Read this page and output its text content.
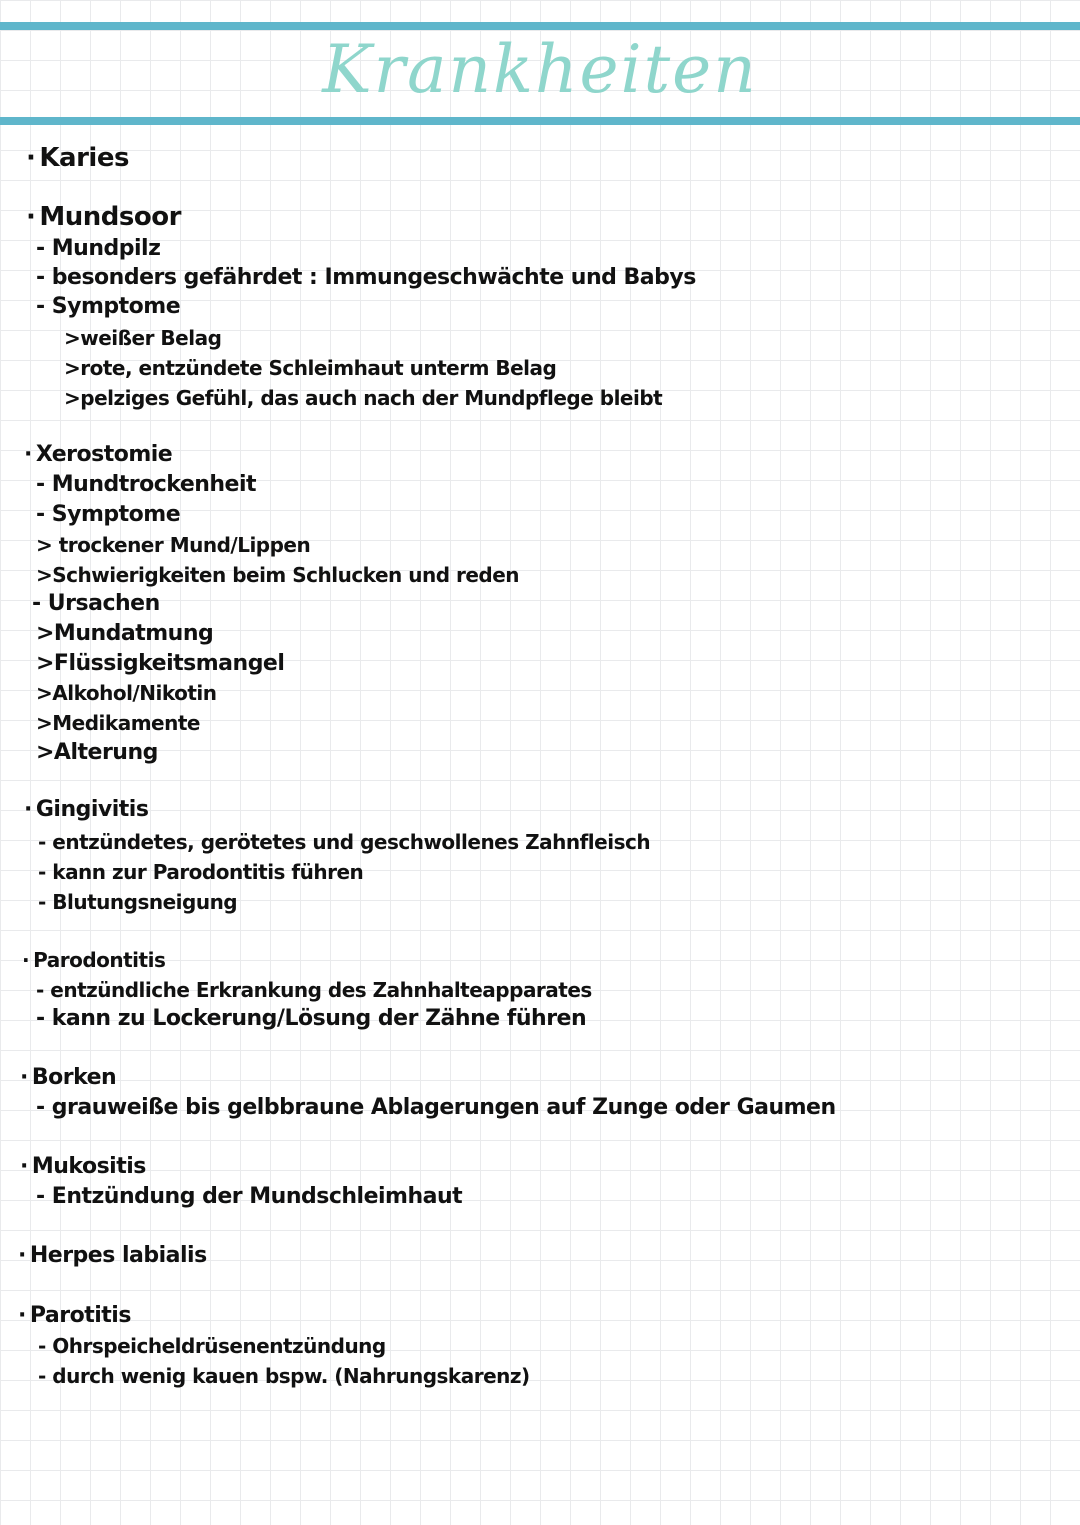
Krankheiten
· Karies
· Mundsoor
- Mundpilz
- besonders gefährdet : Immungeschwächte und Babys
- Symptome
>weißer Belag
>rote, entzündete Schleimhaut unterm Belag
>pelziges Gefühl, das auch nach der Mundpflege bleibt
· Xerostomie
- Mundtrockenheit
- Symptome
> trockener Mund/Lippen
>Schwierigkeiten beim Schlucken und reden
- Ursachen
>Mundatmung
>Flüssigkeitsmangel
>Alkohol/Nikotin
>Medikamente
>Alterung
· Gingivitis
- entzündetes, gerötetes und geschwollenes Zahnfleisch
- kann zur Parodontitis führen
- Blutungsneigung
· Parodontitis
- entzündliche Erkrankung des Zahnhalteapparates
- kann zu Lockerung/Lösung der Zähne führen
· Borken
- grauweiße bis gelbbraune Ablagerungen auf Zunge oder Gaumen
· Mukositis
- Entzündung der Mundschleimhaut
· Herpes labialis
· Parotitis
- Ohrspeicheldrüsenentzündung
- durch wenig kauen bspw. (Nahrungskarenz)
